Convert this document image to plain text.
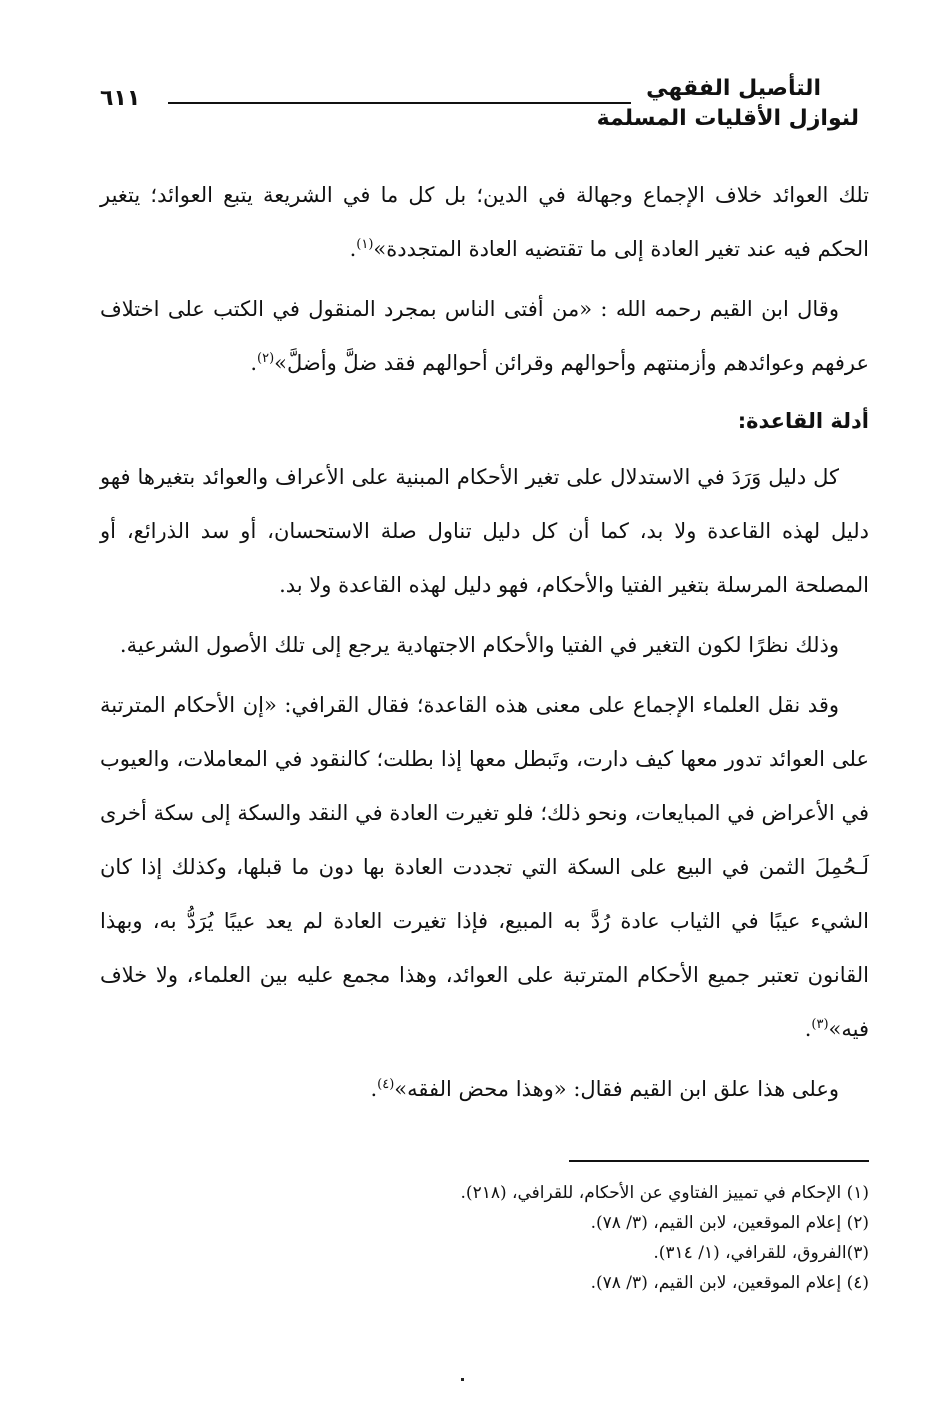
التأصيل الفقهي
لنوازل الأقليات المسلمة
٦١١

تلك العوائد خلاف الإجماع وجهالة في الدين؛ بل كل ما في الشريعة يتبع العوائد؛ يتغير الحكم فيه عند تغير العادة إلى ما تقتضيه العادة المتجددة»$^{(١)}$.

وقال ابن القيم رحمه الله : «من أفتى الناس بمجرد المنقول في الكتب على اختلاف عرفهم وعوائدهم وأزمنتهم وأحوالهم وقرائن أحوالهم فقد ضلَّ وأضلَّ»$^{(٢)}$.

أدلة القاعدة:

كل دليل وَرَدَ في الاستدلال على تغير الأحكام المبنية على الأعراف والعوائد بتغيرها فهو دليل لهذه القاعدة ولا بد، كما أن كل دليل تناول صلة الاستحسان، أو سد الذرائع، أو المصلحة المرسلة بتغير الفتيا والأحكام، فهو دليل لهذه القاعدة ولا بد.

وذلك نظرًا لكون التغير في الفتيا والأحكام الاجتهادية يرجع إلى تلك الأصول الشرعية.

وقد نقل العلماء الإجماع على معنى هذه القاعدة؛ فقال القرافي: «إن الأحكام المترتبة على العوائد تدور معها كيف دارت، وتَبطل معها إذا بطلت؛ كالنقود في المعاملات، والعيوب في الأعراض في المبايعات، ونحو ذلك؛ فلو تغيرت العادة في النقد والسكة إلى سكة أخرى لَـحُمِلَ الثمن في البيع على السكة التي تجددت العادة بها دون ما قبلها، وكذلك إذا كان الشيء عيبًا في الثياب عادة رُدَّ به المبيع، فإذا تغيرت العادة لم يعد عيبًا يُرَدُّ به، وبهذا القانون تعتبر جميع الأحكام المترتبة على العوائد، وهذا مجمع عليه بين العلماء، ولا خلاف فيه»$^{(٣)}$.

وعلى هذا علق ابن القيم فقال: «وهذا محض الفقه»$^{(٤)}$.

(١) الإحكام في تمييز الفتاوي عن الأحكام، للقرافي، (٢١٨).
(٢) إعلام الموقعين، لابن القيم، (٣/ ٧٨).
(٣)الفروق، للقرافي، (١/ ٣١٤).
(٤) إعلام الموقعين، لابن القيم، (٣/ ٧٨).
